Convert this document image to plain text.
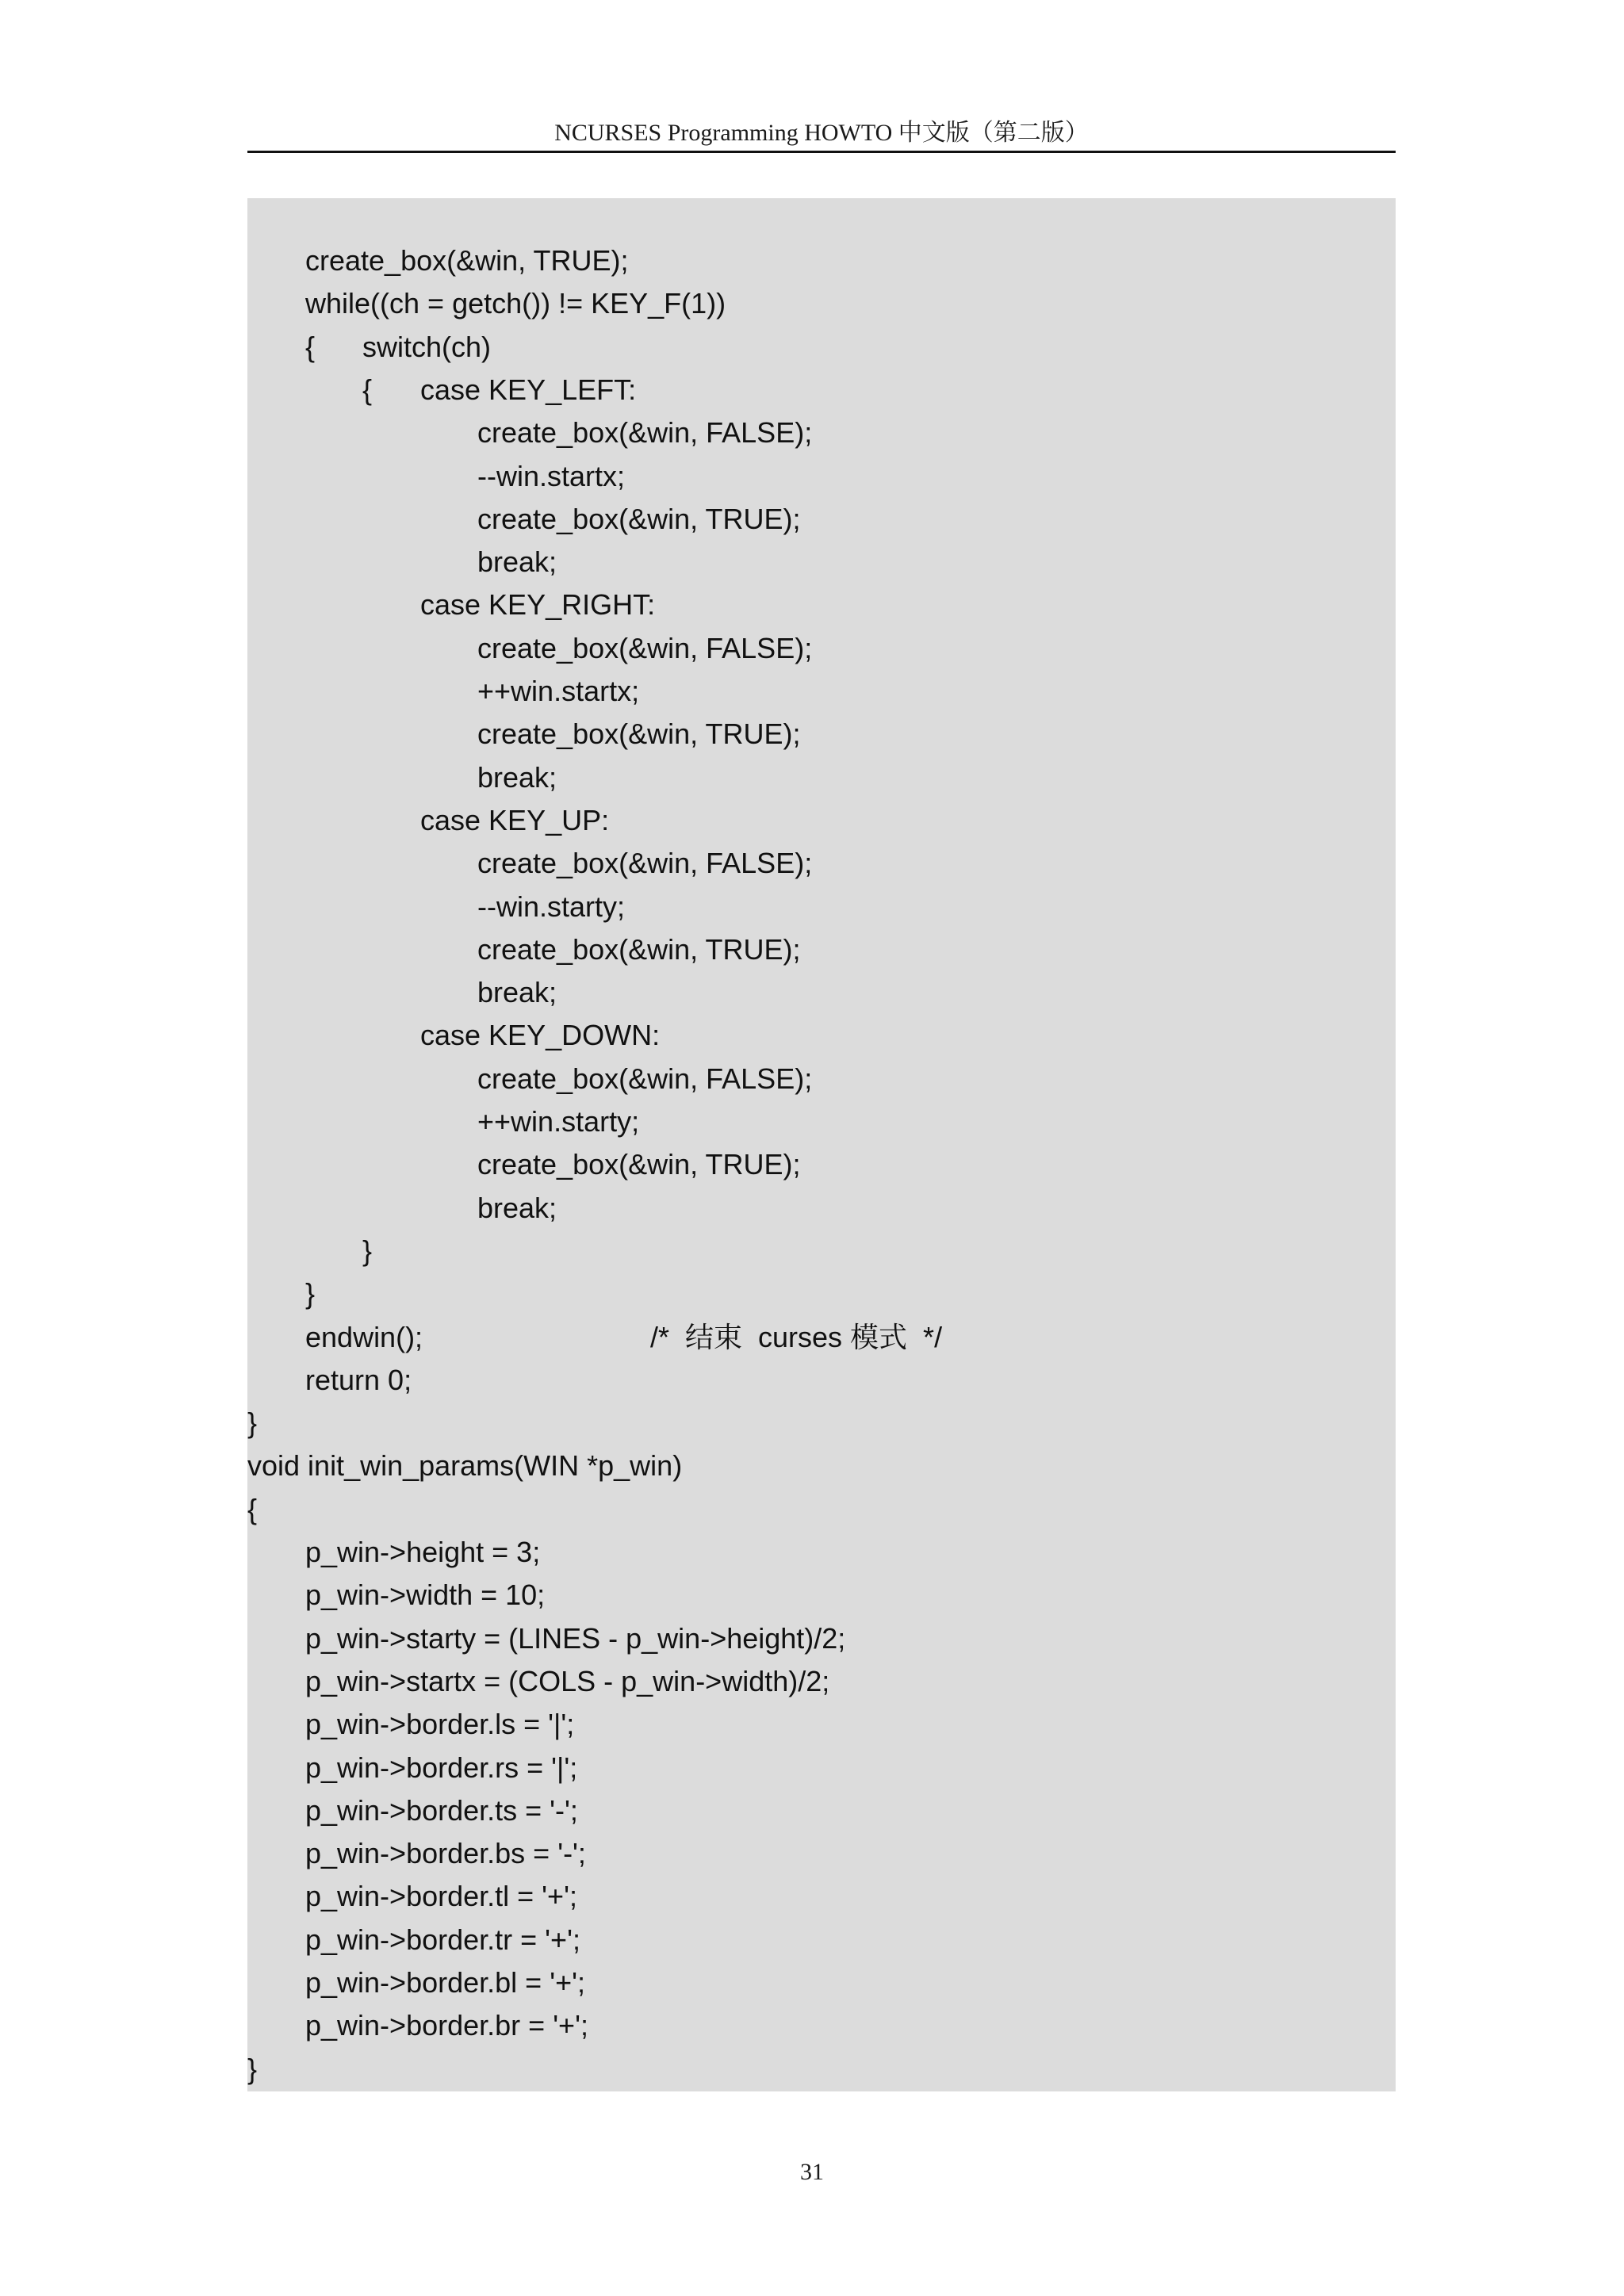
NCURSES Programming HOWTO 中文版（第二版）
create_box(&win, TRUE);
while((ch = getch()) != KEY_F(1))
{ switch(ch)
{ case KEY_LEFT:
create_box(&win, FALSE);
--win.startx;
create_box(&win, TRUE);
break;
case KEY_RIGHT:
create_box(&win, FALSE);
++win.startx;
create_box(&win, TRUE);
break;
case KEY_UP:
create_box(&win, FALSE);
--win.starty;
create_box(&win, TRUE);
break;
case KEY_DOWN:
create_box(&win, FALSE);
++win.starty;
create_box(&win, TRUE);
break;
}
}
endwin();	/*  结束  curses 模式  */
return 0;
}
void init_win_params(WIN *p_win)
{
p_win->height = 3;
p_win->width = 10;
p_win->starty = (LINES - p_win->height)/2;
p_win->startx = (COLS - p_win->width)/2;
p_win->border.ls = '|';
p_win->border.rs = '|';
p_win->border.ts = '-';
p_win->border.bs = '-';
p_win->border.tl = '+';
p_win->border.tr = '+';
p_win->border.bl = '+';
p_win->border.br = '+';
}
31
